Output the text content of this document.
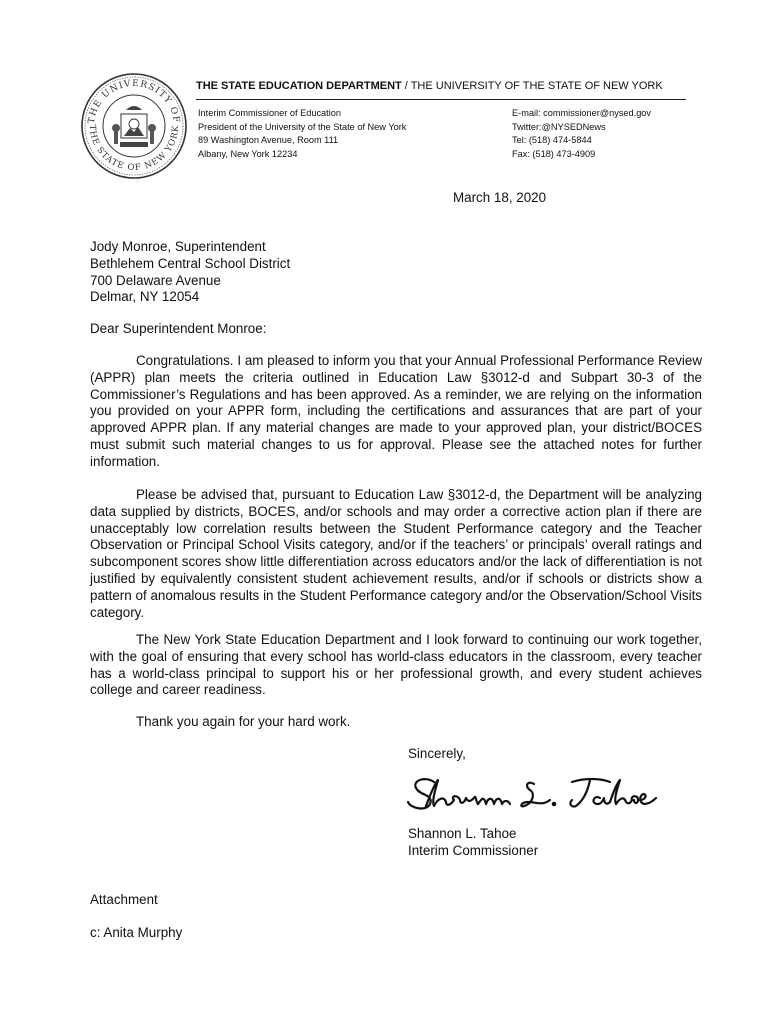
THE UNIVERSITY OF
THE STATE OF NEW YORK
THE STATE EDUCATION DEPARTMENT / THE UNIVERSITY OF THE STATE OF NEW YORK
Interim Commissioner of Education
President of the University of the State of New York
89 Washington Avenue, Room 111
Albany, New York 12234
E-mail: commissioner@nysed.gov
Twitter:@NYSEDNews
Tel: (518) 474-5844
Fax: (518) 473-4909
March 18, 2020
Jody Monroe, Superintendent
Bethlehem Central School District
700 Delaware Avenue
Delmar, NY 12054
Dear Superintendent Monroe:

Congratulations. I am pleased to inform you that your Annual Professional Performance Review (APPR) plan meets the criteria outlined in Education Law §3012-d and Subpart 30-3 of the Commissioner’s Regulations and has been approved. As a reminder, we are relying on the information you provided on your APPR form, including the certifications and assurances that are part of your approved APPR plan. If any material changes are made to your approved plan, your district/BOCES must submit such material changes to us for approval. Please see the attached notes for further information.

Please be advised that, pursuant to Education Law §3012-d, the Department will be analyzing data supplied by districts, BOCES, and/or schools and may order a corrective action plan if there are unacceptably low correlation results between the Student Performance category and the Teacher Observation or Principal School Visits category, and/or if the teachers’ or principals’ overall ratings and subcomponent scores show little differentiation across educators and/or the lack of differentiation is not justified by equivalently consistent student achievement results, and/or if schools or districts show a pattern of anomalous results in the Student Performance category and/or the Observation/School Visits category.

The New York State Education Department and I look forward to continuing our work together, with the goal of ensuring that every school has world-class educators in the classroom, every teacher has a world-class principal to support his or her professional growth, and every student achieves college and career readiness.

Thank you again for your hard work.
Sincerely,
Shannon L. Tahoe
Interim Commissioner
Attachment
c: Anita Murphy
